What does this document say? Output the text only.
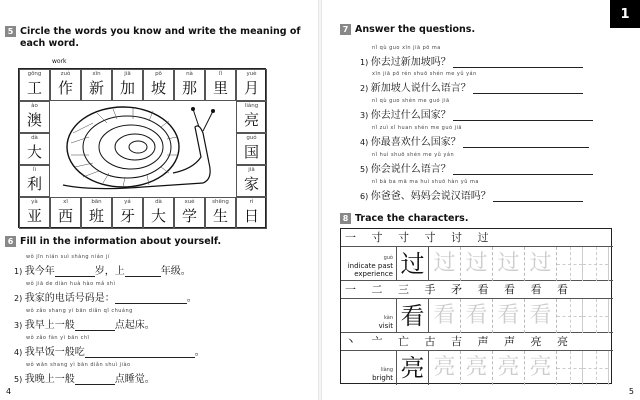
5 Circle the words you know and write the meaning of
each word.
work
gōng
工
zuò
作
xīn
新
jiā
加
pō
坡
nà
那
lǐ
里
yuè
月
ào
澳
dà
大
lì
利
liàng
亮
guó
国
jiā
家
yà
亚
xī
西
bān
班
yá
牙
dà
大
xué
学
shēng
生
rì
日
6 Fill in the information about yourself.
wǒ jīn nián suì shàng nián jí
1) 我今年	岁，上	年级。
wǒ jiā de diàn huà hào mǎ shì
2) 我家的电话号码是：	。
wǒ zǎo shang yì bān diǎn qǐ chuáng
3) 我早上一般	点起床。
wǒ zǎo fàn yì bān chī
4) 我早饭一般吃	。
wǒ wǎn shang yì bān diǎn shuì jiào
5) 我晚上一般	点睡觉。
4
1
7 Answer the questions.
nǐ qù guo xīn jiā pō ma
1) 你去过新加坡吗？
xīn jiā pō rén shuō shén me yǔ yán
2) 新加坡人说什么语言？
nǐ qù guo shén me guó jiā
3) 你去过什么国家？
nǐ zuì xǐ huan shén me guó jiā
4) 你最喜欢什么国家？
nǐ huì shuō shén me yǔ yán
5) 你会说什么语言？
nǐ bà ba mā ma huì shuō hàn yǔ ma
6) 你爸爸、妈妈会说汉语吗？
8 Trace the characters.
5
一 寸 寸 寸 讨 过
guò
indicate past experience 过 过 过 过 过
一 二 三 手 矛 看 看 看 看
kàn
visit 看 看 看 看 看
丶 亠 亡 古 吉 声 声 亮 亮
liàng
bright 亮 亮 亮 亮 亮
